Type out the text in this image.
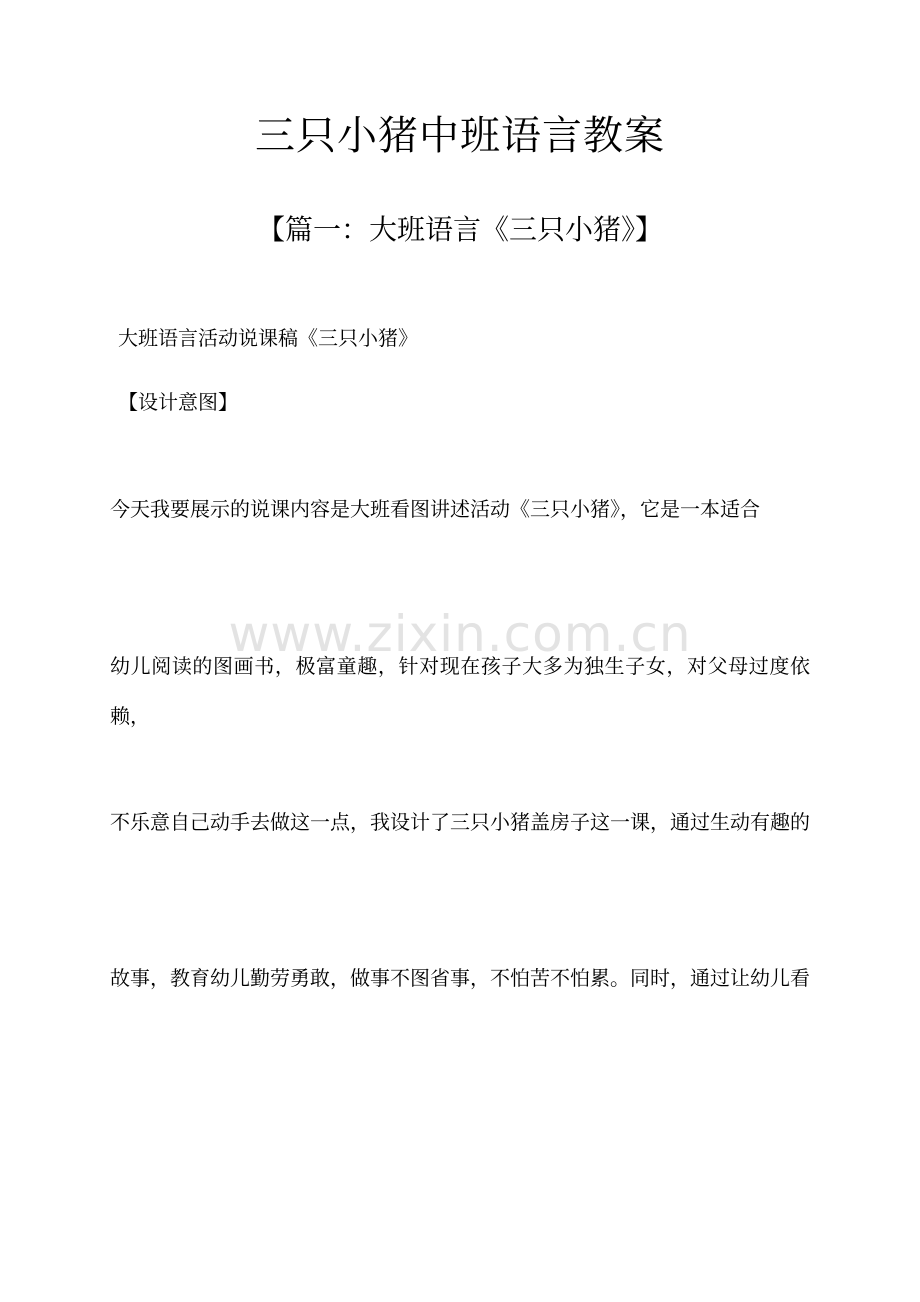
三只小猪中班语言教案
【篇一：大班语言《三只小猪》】

大班语言活动说课稿《三只小猪》

【设计意图】

今天我要展示的说课内容是大班看图讲述活动《三只小猪》，它是一本适合

幼儿阅读的图画书，极富童趣，针对现在孩子大多为独生子女，对父母过度依赖，

不乐意自己动手去做这一点，我设计了三只小猪盖房子这一课，通过生动有趣的

故事，教育幼儿勤劳勇敢，做事不图省事，不怕苦不怕累。同时，通过让幼儿看

www.zixin.com.cn
